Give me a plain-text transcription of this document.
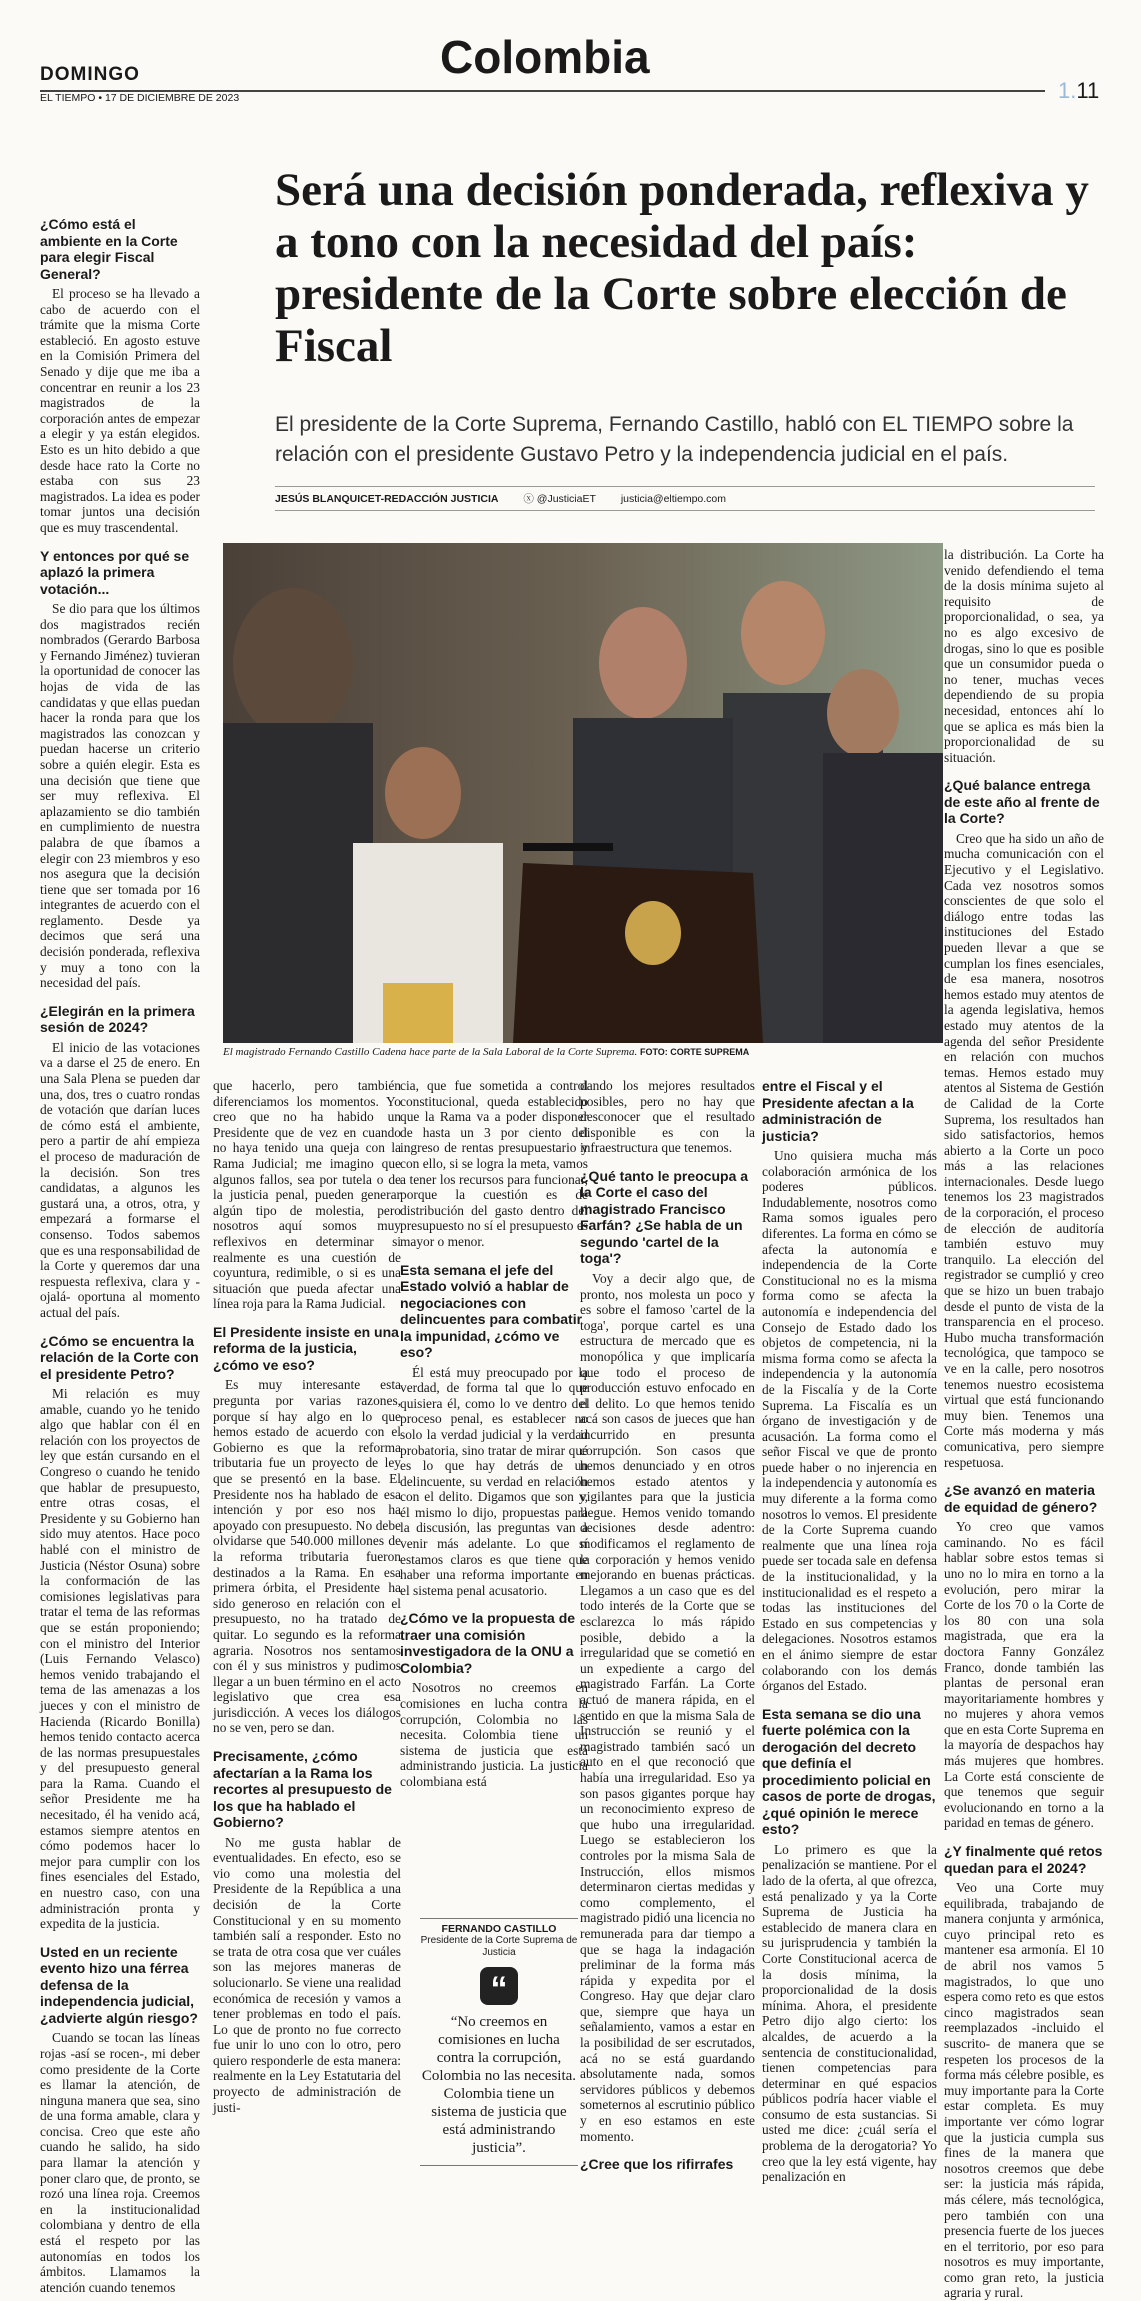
DOMINGO
EL TIEMPO • 17 DE DICIEMBRE DE 2023
Colombia
1.11
Será una decisión ponderada, reflexiva y a tono con la necesidad del país: presidente de la Corte sobre elección de Fiscal
El presidente de la Corte Suprema, Fernando Castillo, habló con EL TIEMPO sobre la relación con el presidente Gustavo Petro y la independencia judicial en el país.
JESÚS BLANQUICET-REDACCIÓN JUSTICIA ⓧ @JusticiaET justicia@eltiempo.com
El magistrado Fernando Castillo Cadena hace parte de la Sala Laboral de la Corte Suprema. FOTO: CORTE SUPREMA
¿Cómo está el ambiente en la Corte para elegir Fiscal General?

El proceso se ha llevado a cabo de acuerdo con el trámite que la misma Corte estableció. En agosto estuve en la Comisión Primera del Senado y dije que me iba a concentrar en reunir a los 23 magistrados de la corporación antes de empezar a elegir y ya están elegidos. Esto es un hito debido a que desde hace rato la Corte no estaba con sus 23 magistrados. La idea es poder tomar juntos una decisión que es muy trascendental.

Y entonces por qué se aplazó la primera votación...

Se dio para que los últimos dos magistrados recién nombrados (Gerardo Barbosa y Fernando Jiménez) tuvieran la oportunidad de conocer las hojas de vida de las candidatas y que ellas puedan hacer la ronda para que los magistrados las conozcan y puedan hacerse un criterio sobre a quién elegir. Esta es una decisión que tiene que ser muy reflexiva. El aplazamiento se dio también en cumplimiento de nuestra palabra de que íbamos a elegir con 23 miembros y eso nos asegura que la decisión tiene que ser tomada por 16 integrantes de acuerdo con el reglamento. Desde ya decimos que será una decisión ponderada, reflexiva y muy a tono con la necesidad del país.

¿Elegirán en la primera sesión de 2024?

El inicio de las votaciones va a darse el 25 de enero. En una Sala Plena se pueden dar una, dos, tres o cuatro rondas de votación que darían luces de cómo está el ambiente, pero a partir de ahí empieza el proceso de maduración de la decisión. Son tres candidatas, a algunos les gustará una, a otros, otra, y empezará a formarse el consenso. Todos sabemos que es una responsabilidad de la Corte y queremos dar una respuesta reflexiva, clara y -ojalá- oportuna al momento actual del país.

¿Cómo se encuentra la relación de la Corte con el presidente Petro?

Mi relación es muy amable, cuando yo he tenido algo que hablar con él en relación con los proyectos de ley que están cursando en el Congreso o cuando he tenido que hablar de presupuesto, entre otras cosas, el Presidente y su Gobierno han sido muy atentos. Hace poco hablé con el ministro de Justicia (Néstor Osuna) sobre la conformación de las comisiones legislativas para tratar el tema de las reformas que se están proponiendo; con el ministro del Interior (Luis Fernando Velasco) hemos venido trabajando el tema de las amenazas a los jueces y con el ministro de Hacienda (Ricardo Bonilla) hemos tenido contacto acerca de las normas presupuestales y del presupuesto general para la Rama. Cuando el señor Presidente me ha necesitado, él ha venido acá, estamos siempre atentos en cómo podemos hacer lo mejor para cumplir con los fines esenciales del Estado, en nuestro caso, con una administración pronta y expedita de la justicia.

Usted en un reciente evento hizo una férrea defensa de la independencia judicial, ¿advierte algún riesgo?

Cuando se tocan las líneas rojas -así se rocen-, mi deber como presidente de la Corte es llamar la atención, de ninguna manera que sea, sino de una forma amable, clara y concisa. Creo que este año cuando he salido, ha sido para llamar la atención y poner claro que, de pronto, se rozó una línea roja. Creemos en la institucionalidad colombiana y dentro de ella está el respeto por las autonomías en todos los ámbitos. Llamamos la atención cuando tenemos

que hacerlo, pero también diferenciamos los momentos. Yo creo que no ha habido un Presidente que de vez en cuando no haya tenido una queja con la Rama Judicial; me imagino que algunos fallos, sea por tutela o de la justicia penal, pueden generar algún tipo de molestia, pero nosotros aquí somos muy reflexivos en determinar si realmente es una cuestión de coyuntura, redimible, o si es una situación que pueda afectar una línea roja para la Rama Judicial.

El Presidente insiste en una reforma de la justicia, ¿cómo ve eso?

Es muy interesante esta pregunta por varias razones, porque sí hay algo en lo que hemos estado de acuerdo con el Gobierno es que la reforma tributaria fue un proyecto de ley que se presentó en la base. El Presidente nos ha hablado de esa intención y por eso nos ha apoyado con presupuesto. No debe olvidarse que 540.000 millones de la reforma tributaria fueron destinados a la Rama. En esa primera órbita, el Presidente ha sido generoso en relación con el presupuesto, no ha tratado de quitar. Lo segundo es la reforma agraria. Nosotros nos sentamos con él y sus ministros y pudimos llegar a un buen término en el acto legislativo que crea esa jurisdicción. A veces los diálogos no se ven, pero se dan.

Precisamente, ¿cómo afectarían a la Rama los recortes al presupuesto de los que ha hablado el Gobierno?

No me gusta hablar de eventualidades. En efecto, eso se vio como una molestia del Presidente de la República a una decisión de la Corte Constitucional y en su momento también salí a responder. Esto no se trata de otra cosa que ver cuáles son las mejores maneras de solucionarlo. Se viene una realidad económica de recesión y vamos a tener problemas en todo el país. Lo que de pronto no fue correcto fue unir lo uno con lo otro, pero quiero responderle de esta manera: realmente en la Ley Estatutaria del proyecto de administración de justi-

cia, que fue sometida a control constitucional, queda establecido que la Rama va a poder disponer de hasta un 3 por ciento del ingreso de rentas presupuestario y con ello, si se logra la meta, vamos a tener los recursos para funcionar, porque la cuestión es de distribución del gasto dentro del presupuesto no sí el presupuesto es mayor o menor.

Esta semana el jefe del Estado volvió a hablar de negociaciones con delincuentes para combatir la impunidad, ¿cómo ve eso?

Él está muy preocupado por la verdad, de forma tal que lo que quisiera él, como lo ve dentro del proceso penal, es establecer no solo la verdad judicial y la verdad probatoria, sino tratar de mirar qué es lo que hay detrás de un delincuente, su verdad en relación con el delito. Digamos que son y, él mismo lo dijo, propuestas para la discusión, las preguntas van a venir más adelante. Lo que sí estamos claros es que tiene que haber una reforma importante en el sistema penal acusatorio.

¿Cómo ve la propuesta de traer una comisión investigadora de la ONU a Colombia?

Nosotros no creemos en comisiones en lucha contra la corrupción, Colombia no las necesita. Colombia tiene un sistema de justicia que está administrando justicia. La justicia colombiana está

dando los mejores resultados posibles, pero no hay que desconocer que el resultado disponible es con la infraestructura que tenemos.

¿Qué tanto le preocupa a la Corte el caso del magistrado Francisco Farfán? ¿Se habla de un segundo 'cartel de la toga'?

Voy a decir algo que, de pronto, nos molesta un poco y es sobre el famoso 'cartel de la toga', porque cartel es una estructura de mercado que es monopólica y que implicaría que todo el proceso de producción estuvo enfocado en el delito. Lo que hemos tenido acá son casos de jueces que han incurrido en presunta corrupción. Son casos que hemos denunciado y en otros hemos estado atentos y vigilantes para que la justicia llegue. Hemos venido tomando decisiones desde adentro: modificamos el reglamento de la corporación y hemos venido mejorando en buenas prácticas. Llegamos a un caso que es del todo interés de la Corte que se esclarezca lo más rápido posible, debido a la irregularidad que se cometió en un expediente a cargo del magistrado Farfán. La Corte actuó de manera rápida, en el sentido en que la misma Sala de Instrucción se reunió y el magistrado también sacó un auto en el que reconoció que había una irregularidad. Eso ya son pasos gigantes porque hay un reconocimiento expreso de que hubo una irregularidad. Luego se establecieron los controles por la misma Sala de Instrucción, ellos mismos determinaron ciertas medidas y como complemento, el magistrado pidió una licencia no remunerada para dar tiempo a que se haga la indagación preliminar de la forma más rápida y expedita por el Congreso. Hay que dejar claro que, siempre que haya un señalamiento, vamos a estar en la posibilidad de ser escrutados, acá no se está guardando absolutamente nada, somos servidores públicos y debemos someternos al escrutinio público y en eso estamos en este momento.

¿Cree que los rifirrafes
entre el Fiscal y el Presidente afectan a la administración de justicia?

Uno quisiera mucha más colaboración armónica de los poderes públicos. Indudablemente, nosotros como Rama somos iguales pero diferentes. La forma en cómo se afecta la autonomía e independencia de la Corte Constitucional no es la misma forma como se afecta la autonomía e independencia del Consejo de Estado dado los objetos de competencia, ni la misma forma como se afecta la independencia y la autonomía de la Fiscalía y de la Corte Suprema. La Fiscalía es un órgano de investigación y de acusación. La forma como el señor Fiscal ve que de pronto puede haber o no injerencia en la independencia y autonomía es muy diferente a la forma como nosotros lo vemos. El presidente de la Corte Suprema cuando realmente que una línea roja puede ser tocada sale en defensa de la institucionalidad, y la institucionalidad es el respeto a todas las instituciones del Estado en sus competencias y delegaciones. Nosotros estamos en el ánimo siempre de estar colaborando con los demás órganos del Estado.

Esta semana se dio una fuerte polémica con la derogación del decreto que definía el procedimiento policial en casos de porte de drogas, ¿qué opinión le merece esto?

Lo primero es que la penalización se mantiene. Por el lado de la oferta, al que ofrezca, está penalizado y ya la Corte Suprema de Justicia ha establecido de manera clara en su jurisprudencia y también la Corte Constitucional acerca de la dosis mínima, la proporcionalidad de la dosis mínima. Ahora, el presidente Petro dijo algo cierto: los alcaldes, de acuerdo a la sentencia de constitucionalidad, tienen competencias para determinar en qué espacios públicos podría hacer viable el consumo de esta sustancias. Si usted me dice: ¿cuál sería el problema de la derogatoria? Yo creo que la ley está vigente, hay penalización en

la distribución. La Corte ha venido defendiendo el tema de la dosis mínima sujeto al requisito de proporcionalidad, o sea, ya no es algo excesivo de drogas, sino lo que es posible que un consumidor pueda o no tener, muchas veces dependiendo de su propia necesidad, entonces ahí lo que se aplica es más bien la proporcionalidad de su situación.

¿Qué balance entrega de este año al frente de la Corte?

Creo que ha sido un año de mucha comunicación con el Ejecutivo y el Legislativo. Cada vez nosotros somos conscientes de que solo el diálogo entre todas las instituciones del Estado pueden llevar a que se cumplan los fines esenciales, de esa manera, nosotros hemos estado muy atentos de la agenda legislativa, hemos estado muy atentos de la agenda del señor Presidente en relación con muchos temas. Hemos estado muy atentos al Sistema de Gestión de Calidad de la Corte Suprema, los resultados han sido satisfactorios, hemos abierto a la Corte un poco más a las relaciones internacionales. Desde luego tenemos los 23 magistrados de la corporación, el proceso de elección de auditoría también estuvo muy tranquilo. La elección del registrador se cumplió y creo que se hizo un buen trabajo desde el punto de vista de la transparencia en el proceso. Hubo mucha transformación tecnológica, que tampoco se ve en la calle, pero nosotros tenemos nuestro ecosistema virtual que está funcionando muy bien. Tenemos una Corte más moderna y más comunicativa, pero siempre respetuosa.

¿Se avanzó en materia de equidad de género?

Yo creo que vamos caminando. No es fácil hablar sobre estos temas si uno no lo mira en torno a la evolución, pero mirar la Corte de los 70 o la Corte de los 80 con una sola magistrada, que era la doctora Fanny González Franco, donde también las plantas de personal eran mayoritariamente hombres y no mujeres y ahora vemos que en esta Corte Suprema en la mayoría de despachos hay más mujeres que hombres. La Corte está consciente de que tenemos que seguir evolucionando en torno a la paridad en temas de género.

¿Y finalmente qué retos quedan para el 2024?

Veo una Corte muy equilibrada, trabajando de manera conjunta y armónica, cuyo principal reto es mantener esa armonía. El 10 de abril nos vamos 5 magistrados, lo que uno espera como reto es que estos cinco magistrados sean reemplazados -incluido el suscrito- de manera que se respeten los procesos de la forma más célebre posible, es muy importante para la Corte estar completa. Es muy importante ver cómo lograr que la justicia cumpla sus fines de la manera que nosotros creemos que debe ser: la justicia más rápida, más célere, más tecnológica, pero también con una presencia fuerte de los jueces en el territorio, por eso para nosotros es muy importante, como gran reto, la justicia agraria y rural.

FERNANDO CASTILLO
Presidente de la Corte Suprema de Justicia
“
“No creemos en comisiones en lucha contra la corrupción, Colombia no las necesita. Colombia tiene un sistema de justicia que está administrando justicia”.
